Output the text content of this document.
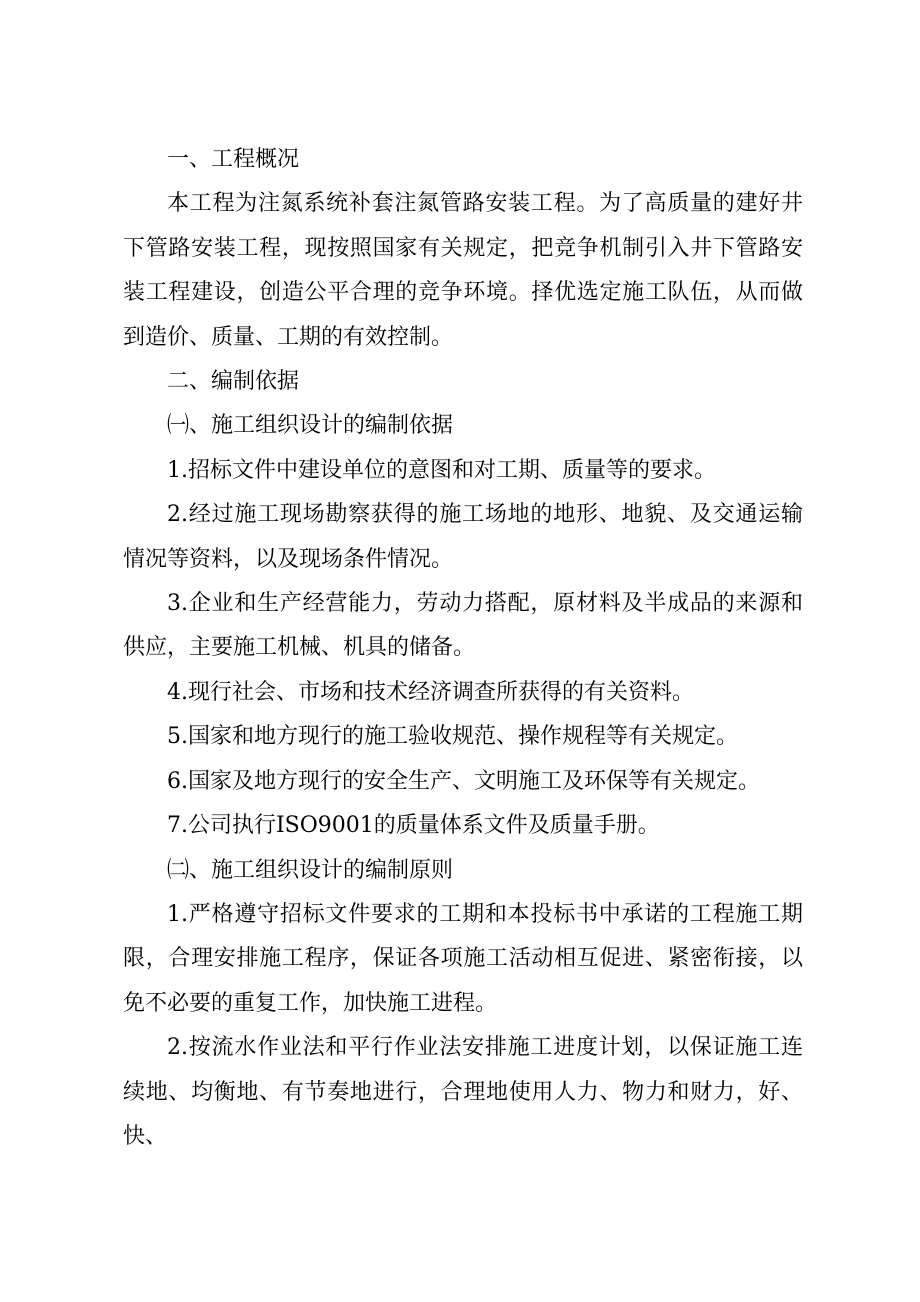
一、工程概况

本工程为注氮系统补套注氮管路安装工程。为了高质量的建好井下管路安装工程，现按照国家有关规定，把竞争机制引入井下管路安装工程建设，创造公平合理的竞争环境。择优选定施工队伍，从而做到造价、质量、工期的有效控制。

二、编制依据

㈠、施工组织设计的编制依据

1.招标文件中建设单位的意图和对工期、质量等的要求。

2.经过施工现场勘察获得的施工场地的地形、地貌、及交通运输情况等资料，以及现场条件情况。

3.企业和生产经营能力，劳动力搭配，原材料及半成品的来源和供应，主要施工机械、机具的储备。

4.现行社会、市场和技术经济调查所获得的有关资料。

5.国家和地方现行的施工验收规范、操作规程等有关规定。

6.国家及地方现行的安全生产、文明施工及环保等有关规定。

7.公司执行ISO9001的质量体系文件及质量手册。

㈡、施工组织设计的编制原则

1.严格遵守招标文件要求的工期和本投标书中承诺的工程施工期限，合理安排施工程序，保证各项施工活动相互促进、紧密衔接，以免不必要的重复工作，加快施工进程。

2.按流水作业法和平行作业法安排施工进度计划，以保证施工连续地、均衡地、有节奏地进行，合理地使用人力、物力和财力，好、快、
